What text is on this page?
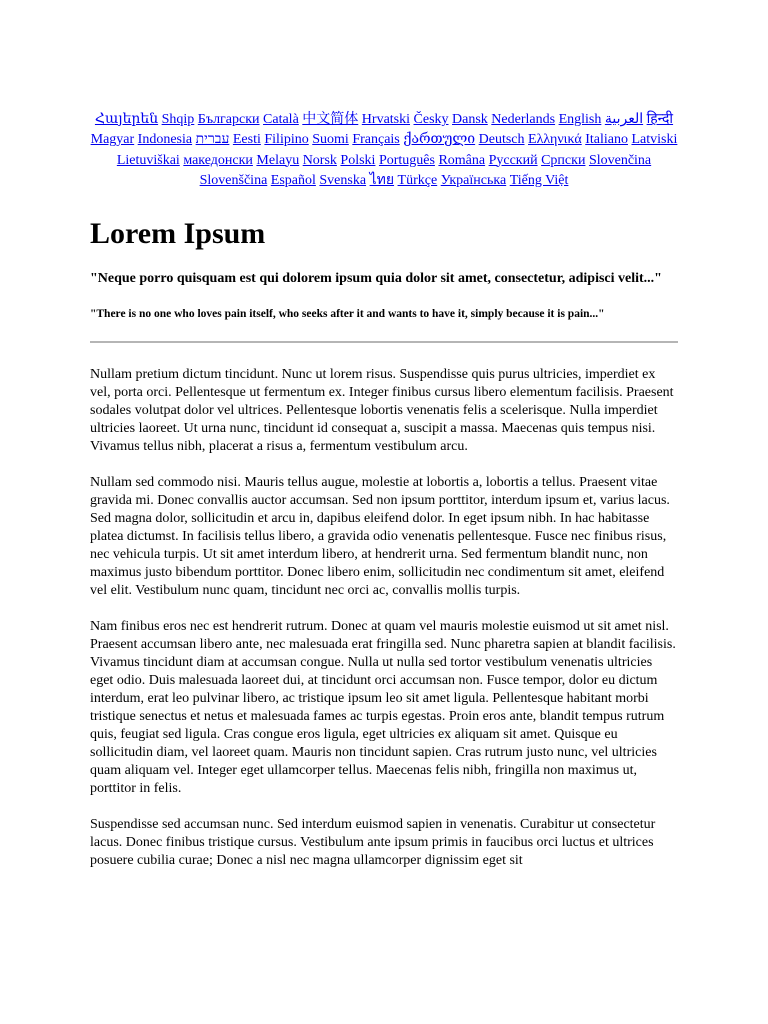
Հայերեն Shqip Български Català 中文简体 Hrvatski Česky Dansk Nederlands English العربية हिन्दी Magyar Indonesia עברית Eesti Filipino Suomi Français ქართული Deutsch Ελληνικά Italiano Latviski Lietuviškai македонски Melayu Norsk Polski Português Româna Pусский Српски Slovenčina Slovenščina Español Svenska ไทย Türkçe Українська Tiếng Việt

Lorem Ipsum
"Neque porro quisquam est qui dolorem ipsum quia dolor sit amet, consectetur, adipisci velit..."
"There is no one who loves pain itself, who seeks after it and wants to have it, simply because it is pain..."

Nullam pretium dictum tincidunt. Nunc ut lorem risus. Suspendisse quis purus ultricies, imperdiet ex vel, porta orci. Pellentesque ut fermentum ex. Integer finibus cursus libero elementum facilisis. Praesent sodales volutpat dolor vel ultrices. Pellentesque lobortis venenatis felis a scelerisque. Nulla imperdiet ultricies laoreet. Ut urna nunc, tincidunt id consequat a, suscipit a massa. Maecenas quis tempus nisi. Vivamus tellus nibh, placerat a risus a, fermentum vestibulum arcu.

Nullam sed commodo nisi. Mauris tellus augue, molestie at lobortis a, lobortis a tellus. Praesent vitae gravida mi. Donec convallis auctor accumsan. Sed non ipsum porttitor, interdum ipsum et, varius lacus. Sed magna dolor, sollicitudin et arcu in, dapibus eleifend dolor. In eget ipsum nibh. In hac habitasse platea dictumst. In facilisis tellus libero, a gravida odio venenatis pellentesque. Fusce nec finibus risus, nec vehicula turpis. Ut sit amet interdum libero, at hendrerit urna. Sed fermentum blandit nunc, non maximus justo bibendum porttitor. Donec libero enim, sollicitudin nec condimentum sit amet, eleifend vel elit. Vestibulum nunc quam, tincidunt nec orci ac, convallis mollis turpis.

Nam finibus eros nec est hendrerit rutrum. Donec at quam vel mauris molestie euismod ut sit amet nisl. Praesent accumsan libero ante, nec malesuada erat fringilla sed. Nunc pharetra sapien at blandit facilisis. Vivamus tincidunt diam at accumsan congue. Nulla ut nulla sed tortor vestibulum venenatis ultricies eget odio. Duis malesuada laoreet dui, at tincidunt orci accumsan non. Fusce tempor, dolor eu dictum interdum, erat leo pulvinar libero, ac tristique ipsum leo sit amet ligula. Pellentesque habitant morbi tristique senectus et netus et malesuada fames ac turpis egestas. Proin eros ante, blandit tempus rutrum quis, feugiat sed ligula. Cras congue eros ligula, eget ultricies ex aliquam sit amet. Quisque eu sollicitudin diam, vel laoreet quam. Mauris non tincidunt sapien. Cras rutrum justo nunc, vel ultricies quam aliquam vel. Integer eget ullamcorper tellus. Maecenas felis nibh, fringilla non maximus ut, porttitor in felis.

Suspendisse sed accumsan nunc. Sed interdum euismod sapien in venenatis. Curabitur ut consectetur lacus. Donec finibus tristique cursus. Vestibulum ante ipsum primis in faucibus orci luctus et ultrices posuere cubilia curae; Donec a nisl nec magna ullamcorper dignissim eget sit
